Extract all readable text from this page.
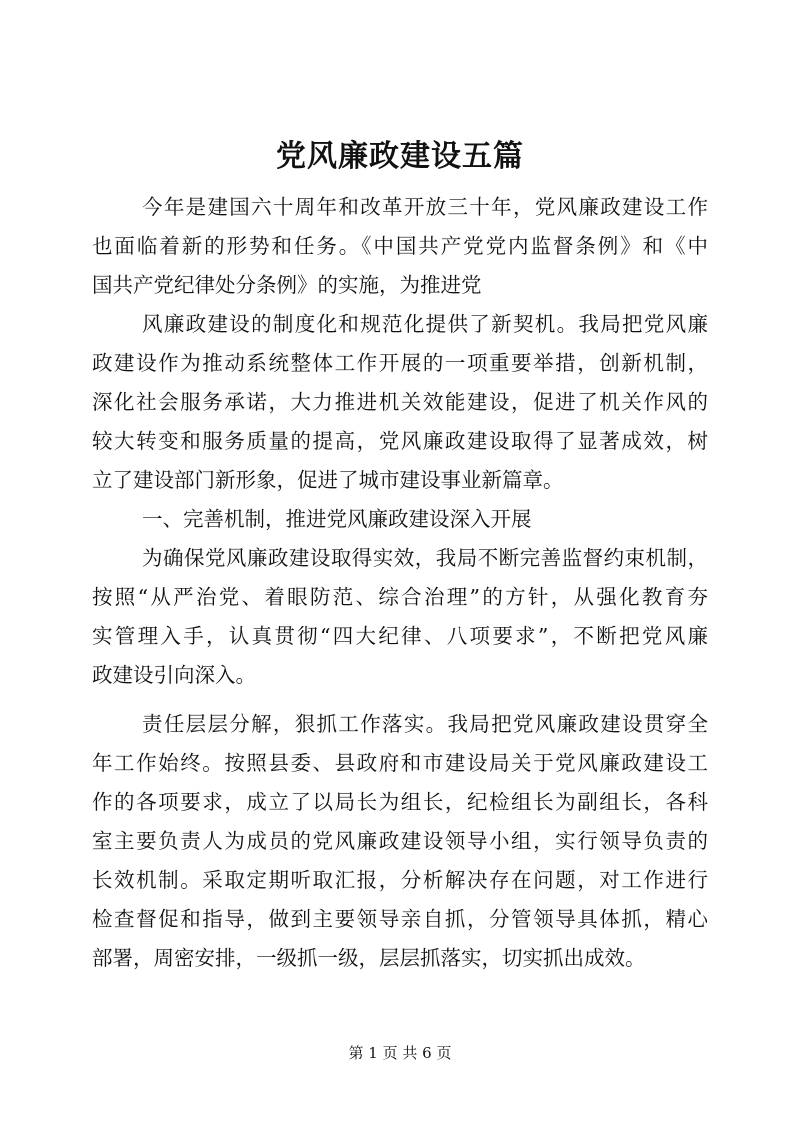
党风廉政建设五篇
今年是建国六十周年和改革开放三十年，党风廉政建设工作
也面临着新的形势和任务。《中国共产党党内监督条例》和《中
国共产党纪律处分条例》的实施，为推进党
风廉政建设的制度化和规范化提供了新契机。我局把党风廉
政建设作为推动系统整体工作开展的一项重要举措，创新机制，
深化社会服务承诺，大力推进机关效能建设，促进了机关作风的
较大转变和服务质量的提高，党风廉政建设取得了显著成效，树
立了建设部门新形象，促进了城市建设事业新篇章。
一、完善机制，推进党风廉政建设深入开展
为确保党风廉政建设取得实效，我局不断完善监督约束机制，
按照“从严治党、着眼防范、综合治理”的方针，从强化教育夯
实管理入手，认真贯彻“四大纪律、八项要求”，不断把党风廉
政建设引向深入。
责任层层分解，狠抓工作落实。我局把党风廉政建设贯穿全
年工作始终。按照县委、县政府和市建设局关于党风廉政建设工
作的各项要求，成立了以局长为组长，纪检组长为副组长，各科
室主要负责人为成员的党风廉政建设领导小组，实行领导负责的
长效机制。采取定期听取汇报，分析解决存在问题，对工作进行
检查督促和指导，做到主要领导亲自抓，分管领导具体抓，精心
部署，周密安排，一级抓一级，层层抓落实，切实抓出成效。
第 1 页 共 6 页
